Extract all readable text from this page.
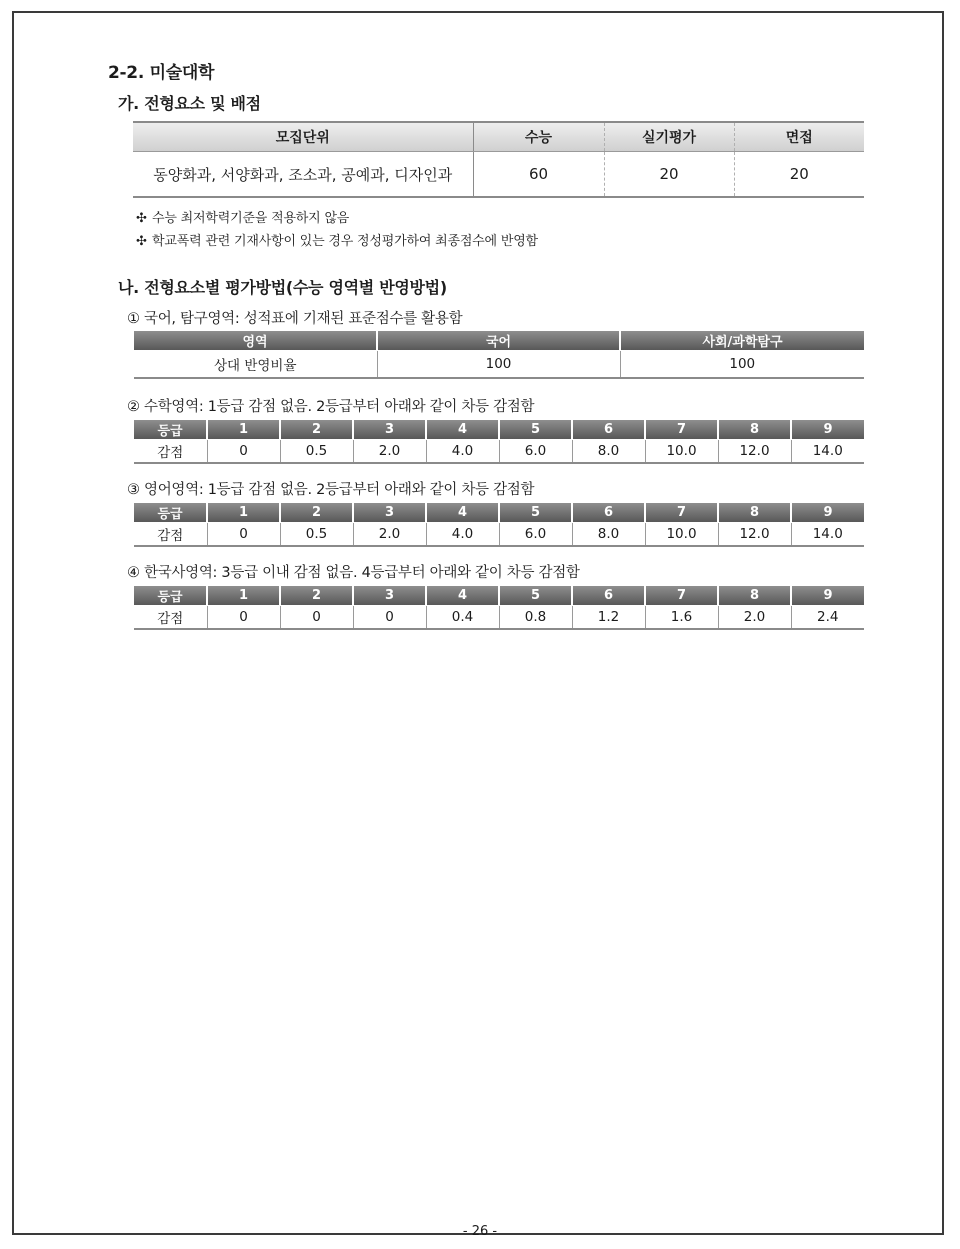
2-2. 미술대학
가. 전형요소 및 배점
모집단위	수능	실기평가	면접
동양화과, 서양화과, 조소과, 공예과, 디자인과	60	20	20
✣ 수능 최저학력기준을 적용하지 않음
✣ 학교폭력 관련 기재사항이 있는 경우 정성평가하여 최종점수에 반영함
나. 전형요소별 평가방법(수능 영역별 반영방법)
① 국어, 탐구영역: 성적표에 기재된 표준점수를 활용함
영역	국어	사회/과학탐구
상대 반영비율	100	100
② 수학영역: 1등급 감점 없음. 2등급부터 아래와 같이 차등 감점함
등급	1	2	3	4	5	6	7	8	9
감점	0	0.5	2.0	4.0	6.0	8.0	10.0	12.0	14.0
③ 영어영역: 1등급 감점 없음. 2등급부터 아래와 같이 차등 감점함
등급	1	2	3	4	5	6	7	8	9
감점	0	0.5	2.0	4.0	6.0	8.0	10.0	12.0	14.0
④ 한국사영역: 3등급 이내 감점 없음. 4등급부터 아래와 같이 차등 감점함
등급	1	2	3	4	5	6	7	8	9
감점	0	0	0	0.4	0.8	1.2	1.6	2.0	2.4
- 26 -
